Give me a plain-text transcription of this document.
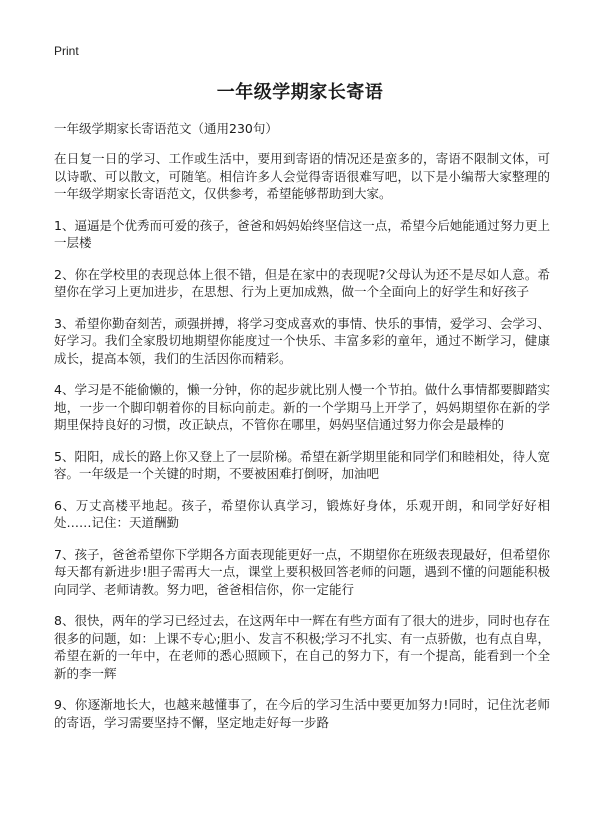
Print
一年级学期家长寄语

一年级学期家长寄语范文（通用230句）

在日复一日的学习、工作或生活中，要用到寄语的情况还是蛮多的，寄语不限制文体，可以诗歌、可以散文，可随笔。相信许多人会觉得寄语很难写吧，以下是小编帮大家整理的一年级学期家长寄语范文，仅供参考，希望能够帮助到大家。

1、逼逼是个优秀而可爱的孩子，爸爸和妈妈始终坚信这一点，希望今后她能通过努力更上一层楼

2、你在学校里的表现总体上很不错，但是在家中的表现呢?父母认为还不是尽如人意。希望你在学习上更加进步，在思想、行为上更加成熟，做一个全面向上的好学生和好孩子

3、希望你勤奋刻苦，顽强拼搏，将学习变成喜欢的事情、快乐的事情，爱学习、会学习、好学习。我们全家殷切地期望你能度过一个快乐、丰富多彩的童年，通过不断学习，健康成长，提高本领，我们的生活因你而精彩。

4、学习是不能偷懒的，懒一分钟，你的起步就比别人慢一个节拍。做什么事情都要脚踏实地，一步一个脚印朝着你的目标向前走。新的一个学期马上开学了，妈妈期望你在新的学期里保持良好的习惯，改正缺点，不管你在哪里，妈妈坚信通过努力你会是最棒的

5、阳阳，成长的路上你又登上了一层阶梯。希望在新学期里能和同学们和睦相处，待人宽容。一年级是一个关键的时期，不要被困难打倒呀，加油吧

6、万丈高楼平地起。孩子，希望你认真学习，锻炼好身体，乐观开朗，和同学好好相处……记住：天道酬勤

7、孩子，爸爸希望你下学期各方面表现能更好一点，不期望你在班级表现最好，但希望你每天都有新进步!胆子需再大一点，课堂上要积极回答老师的问题，遇到不懂的问题能积极向同学、老师请教。努力吧，爸爸相信你，你一定能行

8、很快，两年的学习已经过去，在这两年中一辉在有些方面有了很大的进步，同时也存在很多的问题，如：上课不专心;胆小、发言不积极;学习不扎实、有一点骄傲，也有点自卑，希望在新的一年中，在老师的悉心照顾下，在自己的努力下，有一个提高，能看到一个全新的李一辉

9、你逐渐地长大，也越来越懂事了，在今后的学习生活中要更加努力!同时，记住沈老师的寄语，学习需要坚持不懈，坚定地走好每一步路
